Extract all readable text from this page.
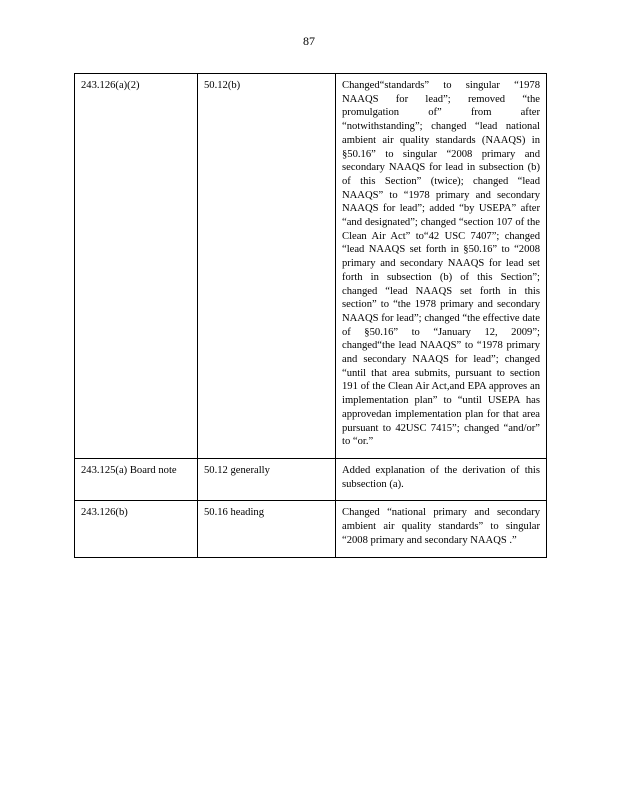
87
243.126(a)(2)	50.12(b)	Changed“standards” to singular “1978 NAAQS for lead”; removed “the promulgation of” from after “notwithstanding”; changed “lead national ambient air quality standards (NAAQS) in §50.16” to singular “2008 primary and secondary NAAQS for lead in subsection (b) of this Section” (twice); changed “lead NAAQS” to “1978 primary and secondary NAAQS for lead”; added “by USEPA” after “and designated”; changed “section 107 of the Clean Air Act” to“42 USC 7407”; changed “lead NAAQS set forth in §50.16” to “2008 primary and secondary NAAQS for lead set forth in subsection (b) of this Section”; changed “lead NAAQS set forth in this section” to “the 1978 primary and secondary NAAQS for lead”; changed “the effective date of §50.16” to “January 12, 2009”; changed“the lead NAAQS” to “1978 primary and secondary NAAQS for lead”; changed “until that area submits, pursuant to section 191 of the Clean Air Act,and EPA approves an implementation plan” to “until USEPA has approvedan implementation plan for that area pursuant to 42USC 7415”; changed “and/or” to “or.”
243.125(a) Board note	50.12 generally	Added explanation of the derivation of this subsection (a).
243.126(b)	50.16 heading	Changed “national primary and secondary ambient air quality standards” to singular “2008 primary and secondary NAAQS .”
